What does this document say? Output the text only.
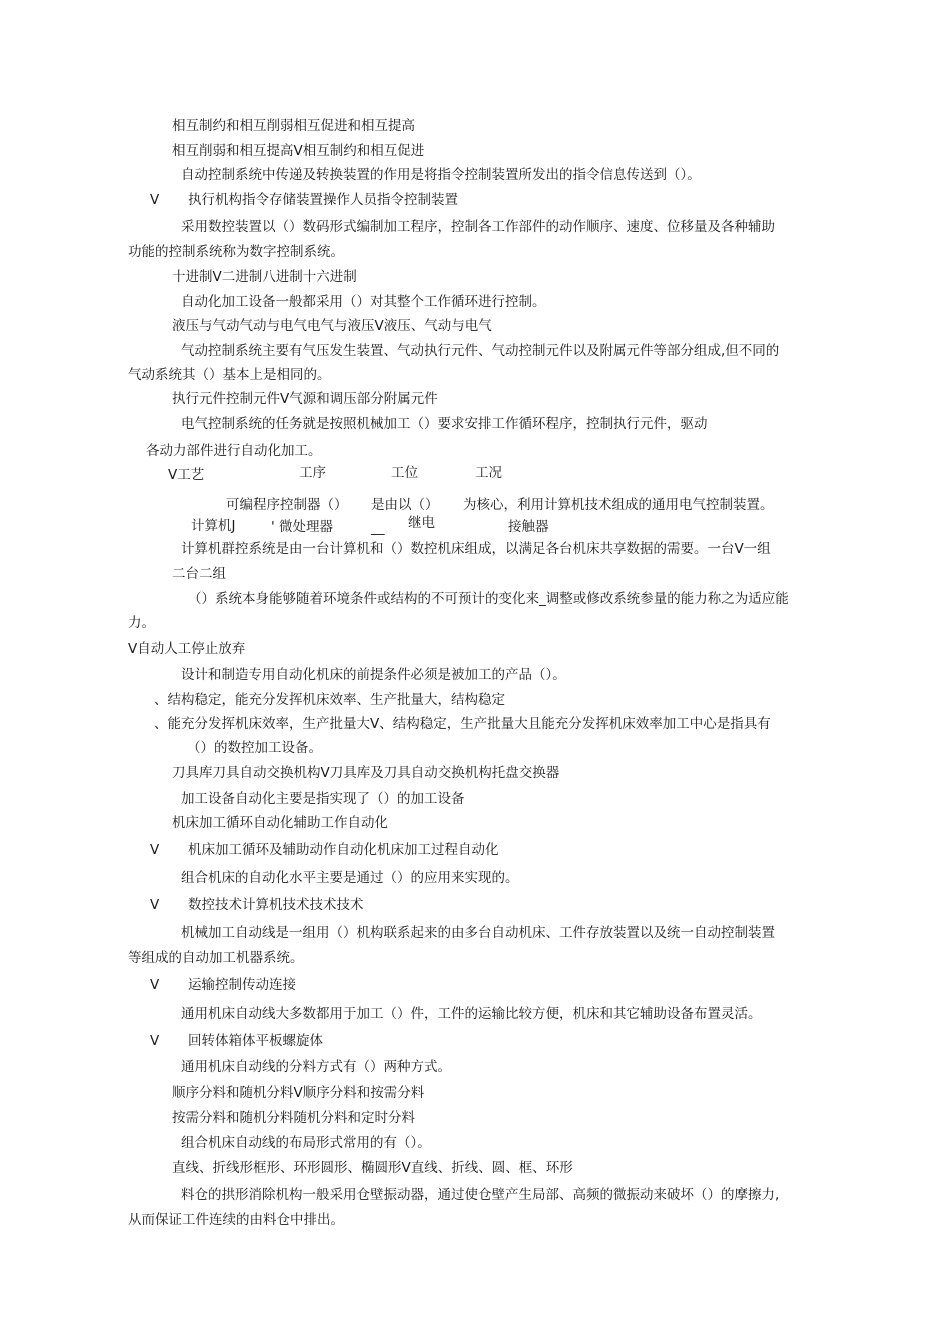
相互制约和相互削弱相互促进和相互提高
相互削弱和相互提高Ⅴ相互制约和相互促进
自动控制系统中传递及转换装置的作用是将指令控制装置所发出的指令信息传送到（）。
Ⅴ 执行机构指令存储装置操作人员指令控制装置
采用数控装置以（）数码形式编制加工程序，控制各工作部件的动作顺序、速度、位移量及各种辅助
功能的控制系统称为数字控制系统。
十进制Ⅴ二进制八进制十六进制
自动化加工设备一般都采用（）对其整个工作循环进行控制。
液压与气动气动与电气电气与液压Ⅴ液压、气动与电气
气动控制系统主要有气压发生装置、气动执行元件、气动控制元件以及附属元件等部分组成,但不同的
气动系统其（）基本上是相同的。
执行元件控制元件Ⅴ气源和调压部分附属元件
电气控制系统的任务就是按照机械加工（）要求安排工作循环程序，控制执行元件，驱动
各动力部件进行自动化加工。
Ⅴ工艺	工序	工位	工况
可编程序控制器（） 是由以（） 为核心，利用计算机技术组成的通用电气控制装置。
计算机J	' 微处理器	__ 继电	接触器
计算机群控系统是由一台计算机和（）数控机床组成，以满足各台机床共享数据的需要。一台Ⅴ一组
二台二组
（）系统本身能够随着环境条件或结构的不可预计的变化来_调整或修改系统参量的能力称之为适应能
力。
Ⅴ自动人工停止放弃
设计和制造专用自动化机床的前提条件必须是被加工的产品（）。
、结构稳定，能充分发挥机床效率、生产批量大，结构稳定
、能充分发挥机床效率，生产批量大Ⅴ、结构稳定，生产批量大且能充分发挥机床效率加工中心是指具有
（）的数控加工设备。
刀具库刀具自动交换机构Ⅴ刀具库及刀具自动交换机构托盘交换器
加工设备自动化主要是指实现了（）的加工设备
机床加工循环自动化辅助工作自动化
Ⅴ 机床加工循环及辅助动作自动化机床加工过程自动化
组合机床的自动化水平主要是通过（）的应用来实现的。
Ⅴ 数控技术计算机技术技术技术
机械加工自动线是一组用（）机构联系起来的由多台自动机床、工件存放装置以及统一自动控制装置
等组成的自动加工机器系统。
Ⅴ 运输控制传动连接
通用机床自动线大多数都用于加工（）件，工件的运输比较方便，机床和其它辅助设备布置灵活。
Ⅴ 回转体箱体平板螺旋体
通用机床自动线的分料方式有（）两种方式。
顺序分料和随机分料Ⅴ顺序分料和按需分料
按需分料和随机分料随机分料和定时分料
组合机床自动线的布局形式常用的有（）。
直线、折线形框形、环形圆形、椭圆形Ⅴ直线、折线、圆、框、环形
料仓的拱形消除机构一般采用仓壁振动器，通过使仓壁产生局部、高频的微振动来破坏（）的摩擦力,
从而保证工件连续的由料仓中排出。
